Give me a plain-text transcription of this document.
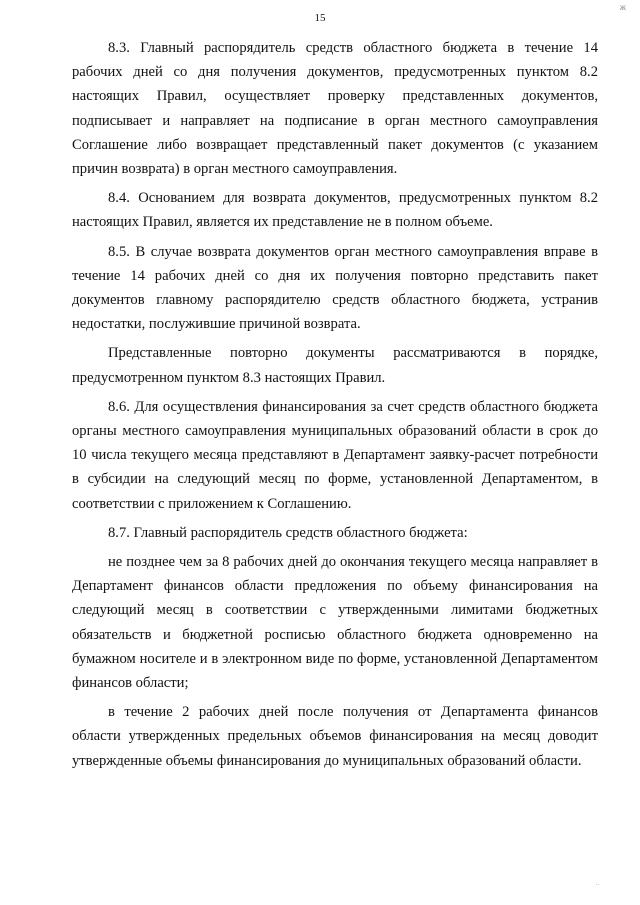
ж
15

8.3. Главный распорядитель средств областного бюджета в течение 14 рабочих дней со дня получения документов, предусмотренных пунктом 8.2 настоящих Правил, осуществляет проверку представленных документов, подписывает и направляет на подписание в орган местного самоуправления Соглашение либо возвращает представленный пакет документов (с указанием причин возврата) в орган местного самоуправления.

8.4. Основанием для возврата документов, предусмотренных пунктом 8.2 настоящих Правил, является их представление не в полном объеме.

8.5. В случае возврата документов орган местного самоуправления вправе в течение 14 рабочих дней со дня их получения повторно представить пакет документов главному распорядителю средств областного бюджета, устранив недостатки, послужившие причиной возврата.

Представленные повторно документы рассматриваются в порядке, предусмотренном пунктом 8.3 настоящих Правил.

8.6. Для осуществления финансирования за счет средств областного бюджета органы местного самоуправления муниципальных образований области в срок до 10 числа текущего месяца представляют в Департамент заявку-расчет потребности в субсидии на следующий месяц по форме, установленной Департаментом, в соответствии с приложением к Соглашению.

8.7. Главный распорядитель средств областного бюджета:

не позднее чем за 8 рабочих дней до окончания текущего месяца направляет в Департамент финансов области предложения по объему финансирования на следующий месяц в соответствии с утвержденными лимитами бюджетных обязательств и бюджетной росписью областного бюджета одновременно на бумажном носителе и в электронном виде по форме, установленной Департаментом финансов области;

в течение 2 рабочих дней после получения от Департамента финансов области утвержденных предельных объемов финансирования на месяц доводит утвержденные объемы финансирования до муниципальных образований области.

··
